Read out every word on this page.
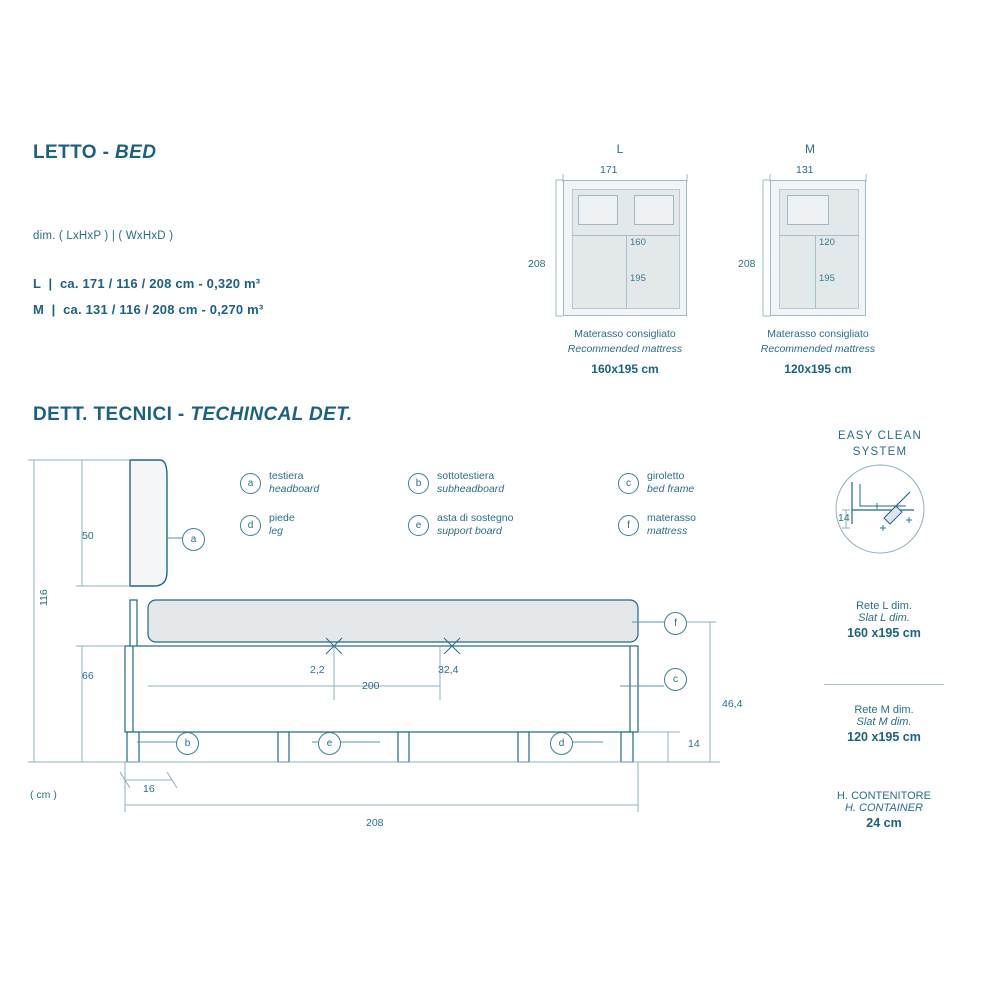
LETTO - BED
dim. ( LxHxP ) | ( WxHxD )
L  |  ca. 171 / 116 / 208 cm - 0,320 m³
M  |  ca. 131 / 116 / 208 cm - 0,270 m³
L
171
208
160
195
Materasso consigliato
Recommended mattress
160x195 cm
M
131
208
120
195
Materasso consigliato
Recommended mattress
120x195 cm
DETT. TECNICI - TECHINCAL DET.
a
testiera
headboard	b
sottotestiera
subheadboard	c
giroletto
bed frame
d
piede
leg	e
asta di sostegno
support board	f
materasso
mattress
a
b
c
d
e
f
50
116
66	2,2
200
32,4
46,4
14
16
208
( cm )
EASY CLEAN
SYSTEM
14
Rete L dim.
Slat L dim.
160 x195 cm
Rete M dim.
Slat M dim.
120 x195 cm
H. CONTENITORE
H. CONTAINER
24 cm
